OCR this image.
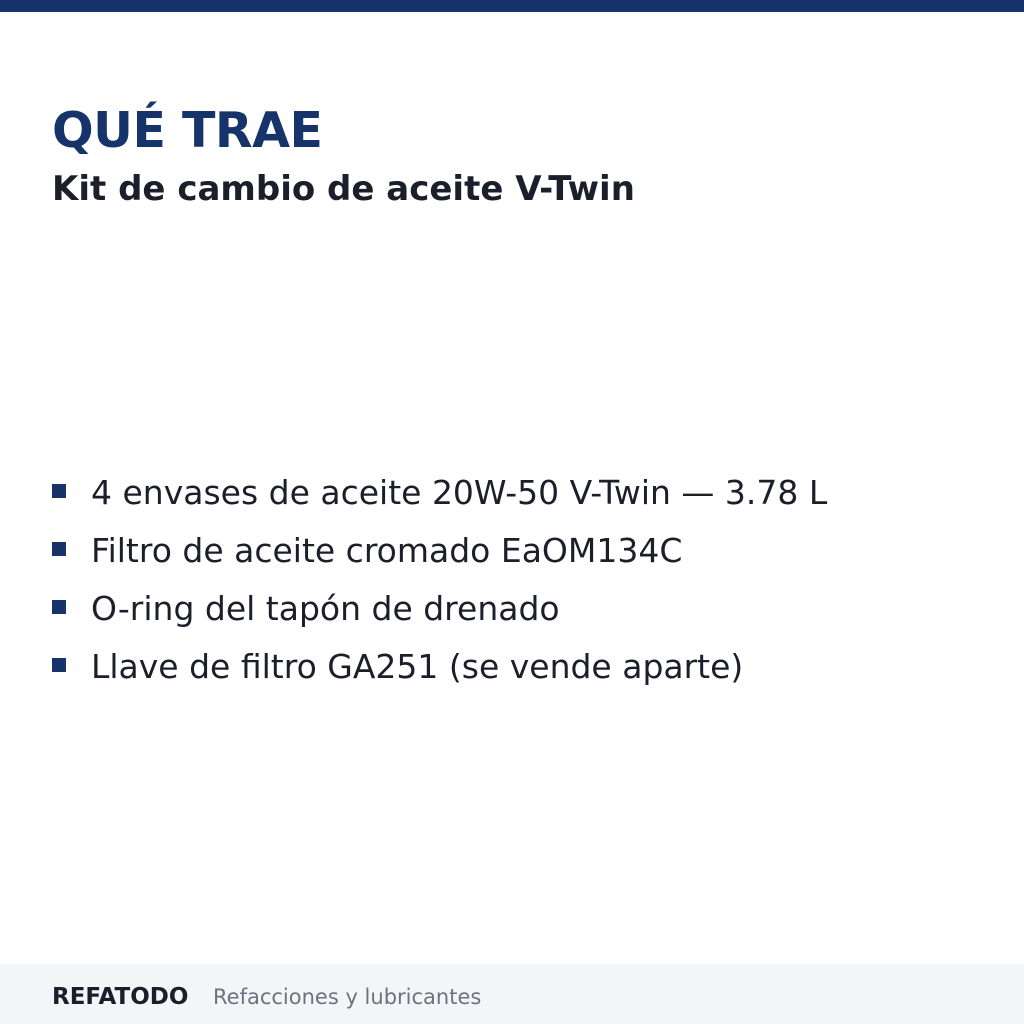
QUÉ TRAE
Kit de cambio de aceite V-Twin
4 envases de aceite 20W-50 V-Twin — 3.78 L
Filtro de aceite cromado EaOM134C
O-ring del tapón de drenado
Llave de filtro GA251 (se vende aparte)
REFATODO Refacciones y lubricantes
